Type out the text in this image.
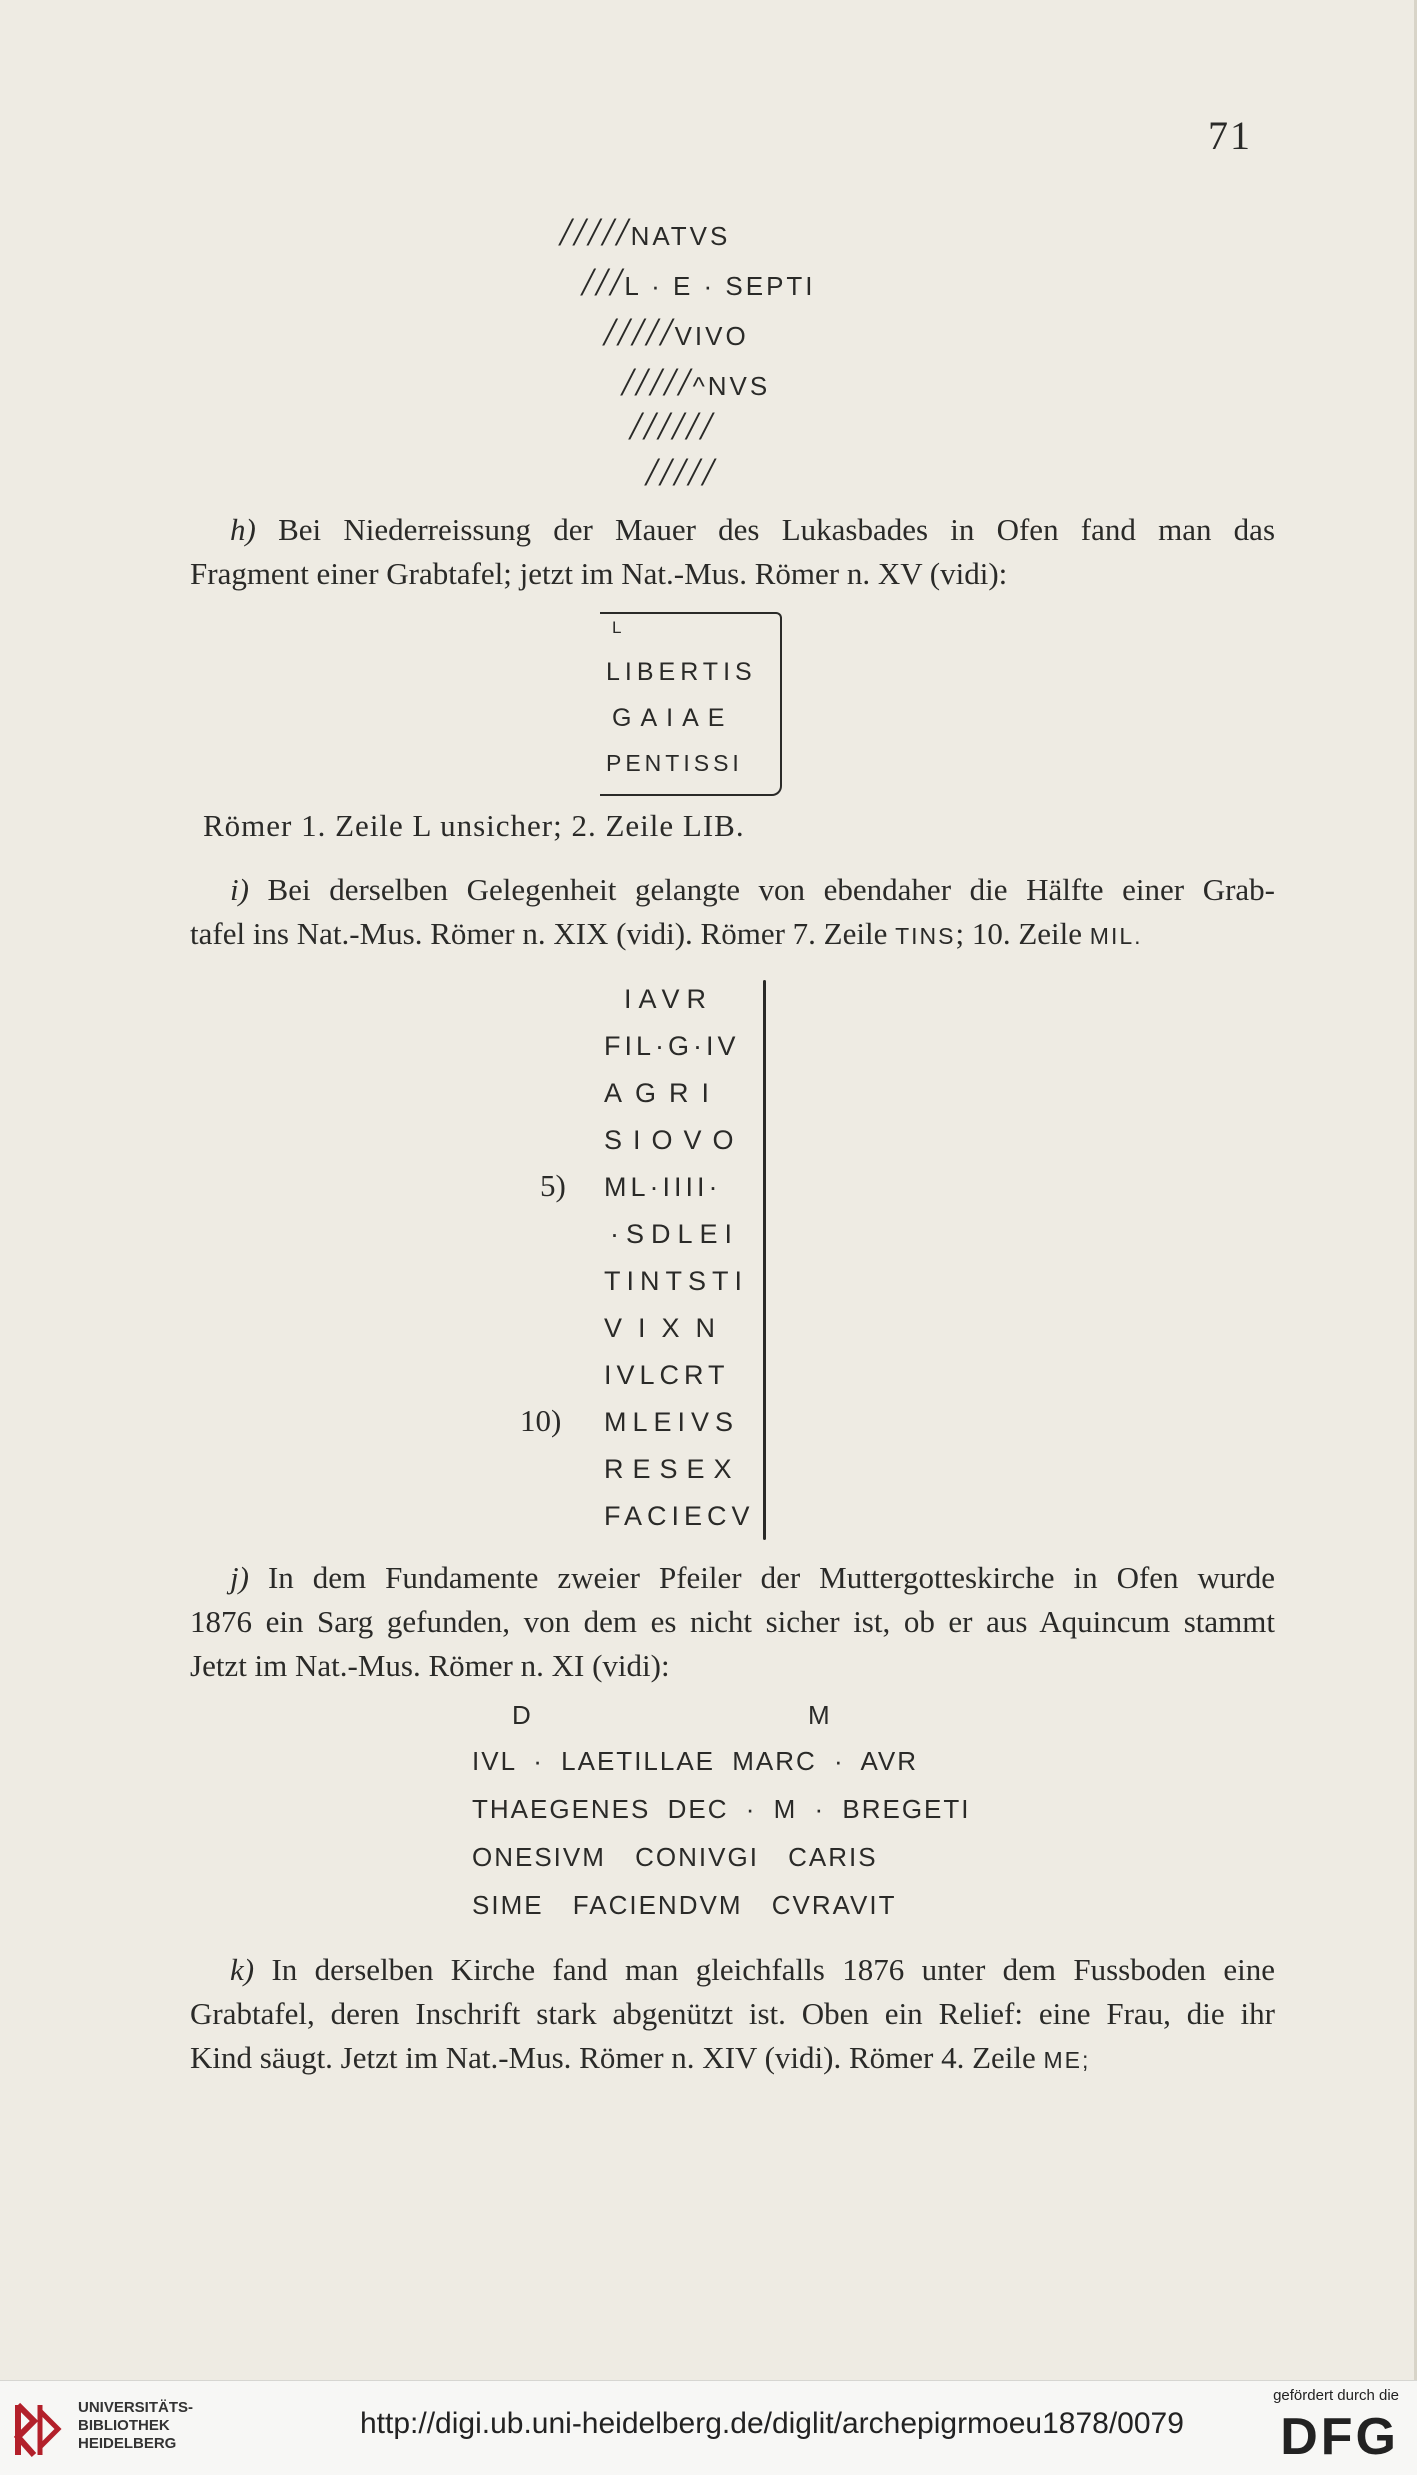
71
/////NATVS
///L · E · SEPTI
/////VIVO
/////^NVS
//////
/////
h) Bei Niederreissung der Mauer des Lukasbades in Ofen fand man das
Fragment einer Grabtafel; jetzt im Nat.-Mus. Römer n. XV (vidi):
L
LIBERTIS
GAIAE
PENTISSI
Römer 1. Zeile L unsicher; 2. Zeile LIB.
i) Bei derselben Gelegenheit gelangte von ebendaher die Hälfte einer Grab-
tafel ins Nat.-Mus. Römer n. XIX (vidi). Römer 7. Zeile TINS; 10. Zeile MIL.
IAVR
FIL·G·IV
AGRI
SIOVO
5) ML·IIII·
·SDLEI
TINTSTI
VIXN
IVLCRT
10) MLEIVS
RESEX
FACIECV
j) In dem Fundamente zweier Pfeiler der Muttergotteskirche in Ofen wurde
1876 ein Sarg gefunden, von dem es nicht sicher ist, ob er aus Aquincum stammt
Jetzt im Nat.-Mus. Römer n. XI (vidi):
D	M
IVL · LAETILLAE MARC · AVR
THAEGENES DEC · M · BREGETI
ONESIVM CONIVGI CARIS
SIME FACIENDVM CVRAVIT
k) In derselben Kirche fand man gleichfalls 1876 unter dem Fussboden eine
Grabtafel, deren Inschrift stark abgenützt ist. Oben ein Relief: eine Frau, die ihr
Kind säugt. Jetzt im Nat.-Mus. Römer n. XIV (vidi). Römer 4. Zeile ME;
UNIVERSITÄTS-
BIBLIOTHEK
HEIDELBERG
http://digi.ub.uni-heidelberg.de/diglit/archepigrmoeu1878/0079
gefördert durch die
DFG
